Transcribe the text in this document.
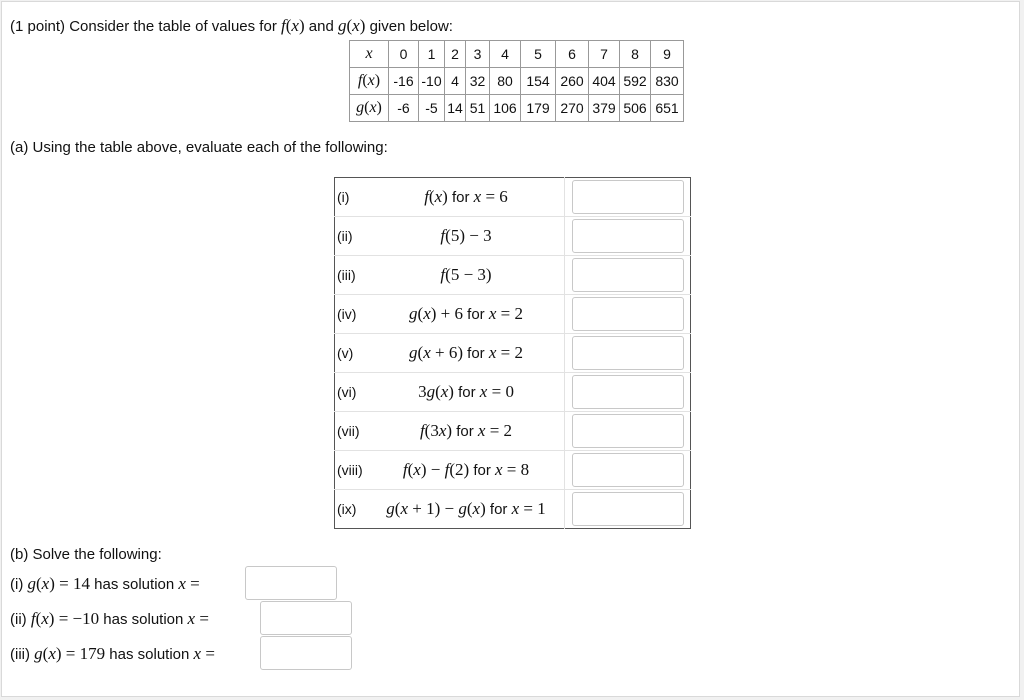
(1 point) Consider the table of values for f(x) and g(x) given below:
x	0	1	2	3	4	5	6	7	8	9
f(x)	-16	-10	4	32	80	154	260	404	592	830
g(x)	-6	-5	14	51	106	179	270	379	506	651
(a) Using the table above, evaluate each of the following:
(i)	f(x) for x = 6	
(ii)	f(5) − 3	
(iii)	f(5 − 3)	
(iv)	g(x) + 6 for x = 2	
(v)	g(x + 6) for x = 2	
(vi)	3g(x) for x = 0	
(vii)	f(3x) for x = 2	
(viii)	f(x) − f(2) for x = 8	
(ix)	g(x + 1) − g(x) for x = 1	
(b) Solve the following:
(i) g(x) = 14 has solution x =
(ii) f(x) = −10 has solution x =
(iii) g(x) = 179 has solution x =
